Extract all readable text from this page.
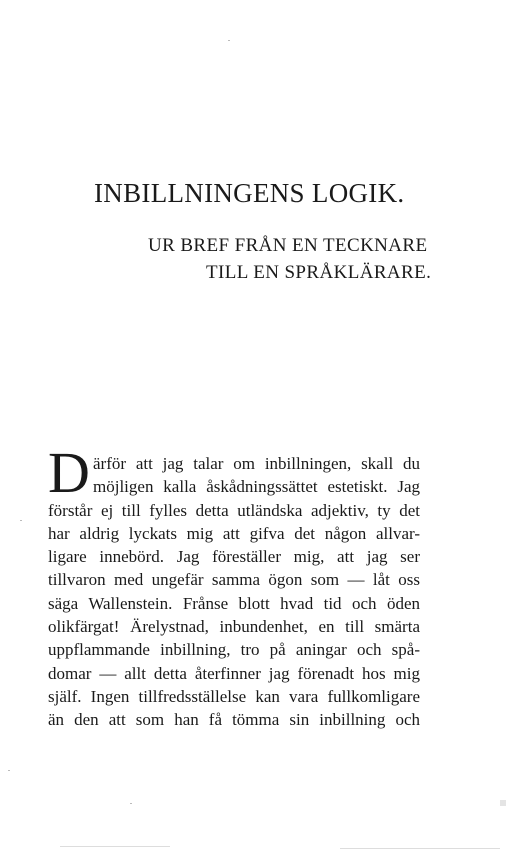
INBILLNINGENS LOGIK.
UR BREF FRÅN EN TECKNARE
TILL EN SPRÅKLÄRARE.
D ärför att jag talar om inbillningen, skall du
möjligen kalla åskådningssättet estetiskt. Jag
förstår ej till fylles detta utländska adjektiv, ty det
har aldrig lyckats mig att gifva det någon allvar-
ligare innebörd. Jag föreställer mig, att jag ser
tillvaron med ungefär samma ögon som — låt oss
säga Wallenstein. Frånse blott hvad tid och öden
olikfärgat! Ärelystnad, inbundenhet, en till smärta
uppflammande inbillning, tro på aningar och spå-
domar — allt detta återfinner jag förenadt hos mig
själf. Ingen tillfredsställelse kan vara fullkomligare
än den att som han få tömma sin inbillning och
